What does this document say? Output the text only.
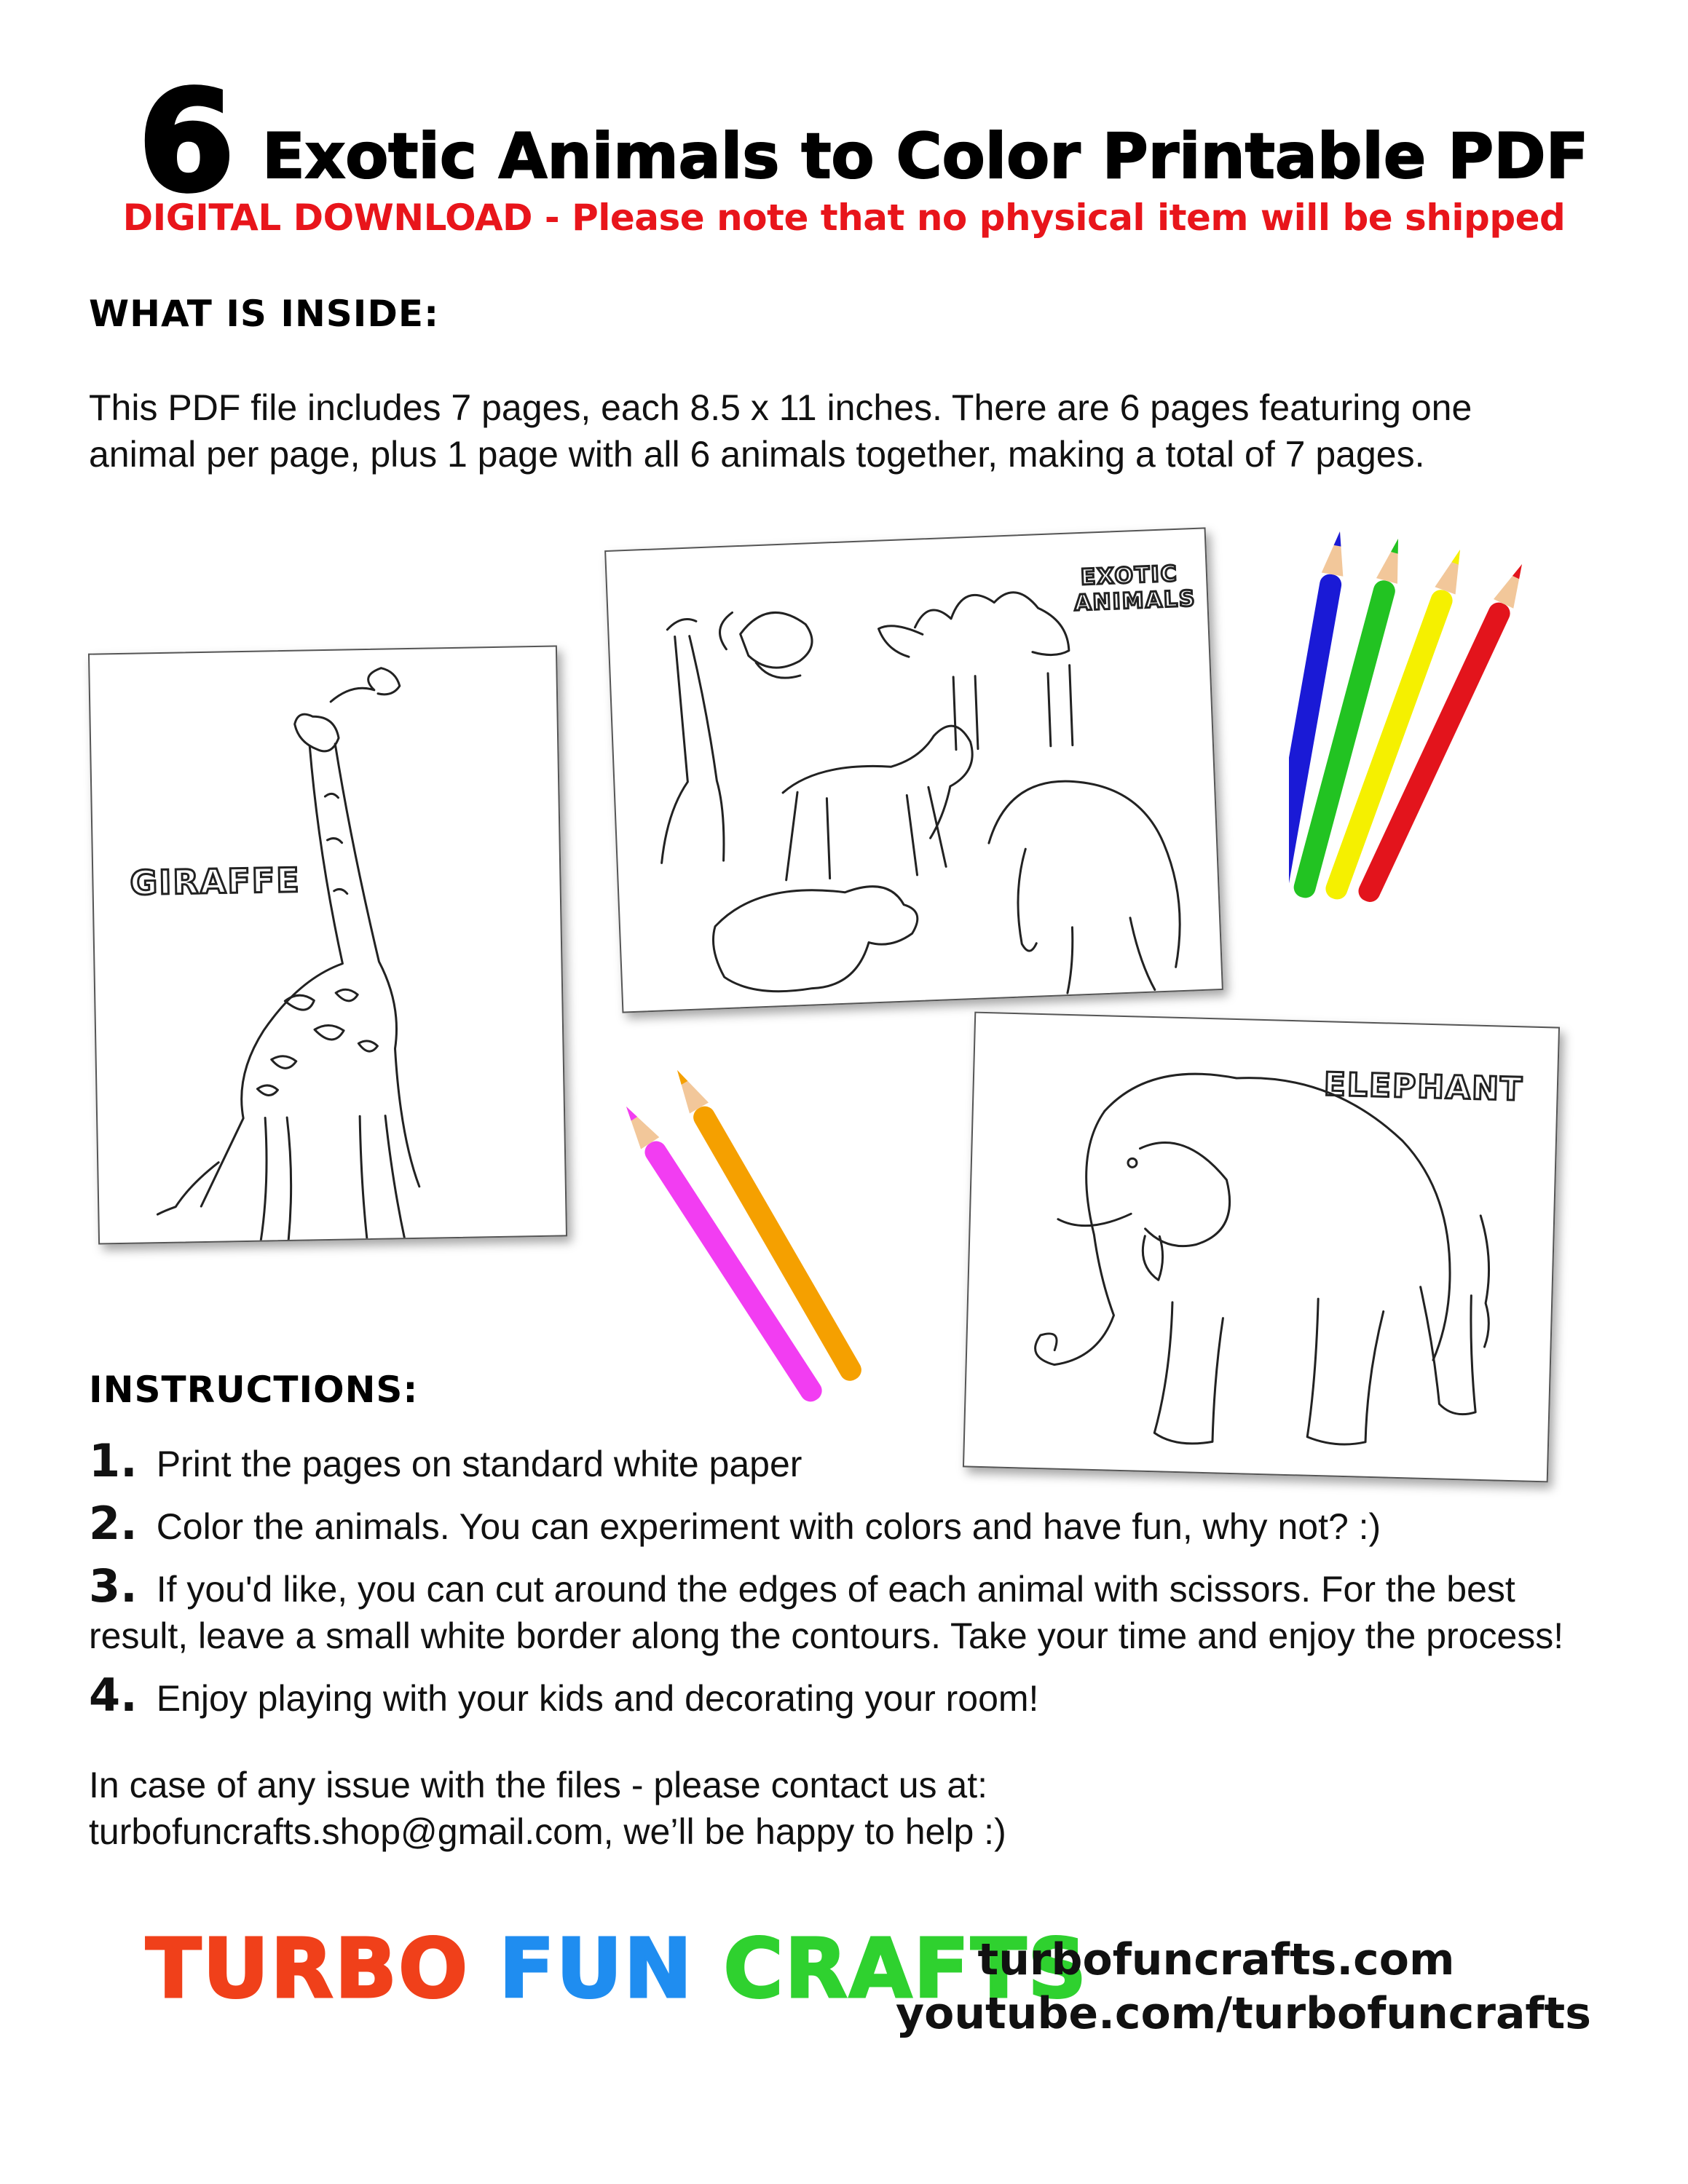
6 Exotic Animals to Color Printable PDF
DIGITAL DOWNLOAD - Please note that no physical item will be shipped
WHAT IS INSIDE:
This PDF file includes 7 pages, each 8.5 x 11 inches. There are 6 pages featuring one
animal per page, plus 1 page with all 6 animals together, making a total of 7 pages.
GIRAFFE
EXOTIC
ANIMALS
ELEPHANT
INSTRUCTIONS:
1. Print the pages on standard white paper
2. Color the animals. You can experiment with colors and have fun, why not? :)
3. If you'd like, you can cut around the edges of each animal with scissors. For the best
result, leave a small white border along the contours. Take your time and enjoy the process!
4. Enjoy playing with your kids and decorating your room!
In case of any issue with the files - please contact us at:
turbofuncrafts.shop@gmail.com, we’ll be happy to help :)
TURBO FUN CRAFTS
turbofuncrafts.com
youtube.com/turbofuncrafts
